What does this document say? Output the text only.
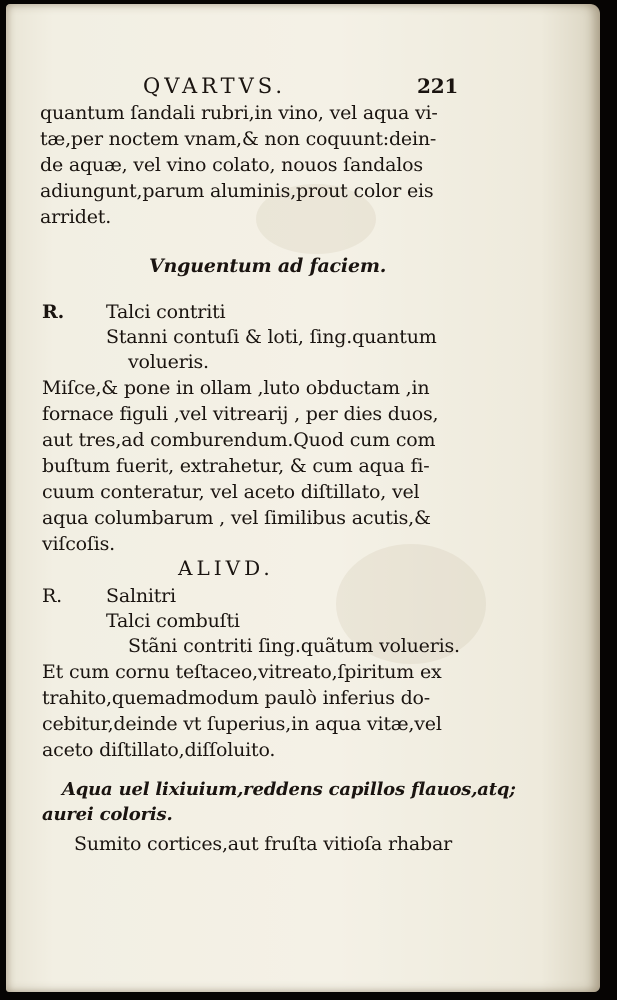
QVARTVS.	221
quantum ſandali rubri,in vino, vel aqua vi-
tæ,per noctem vnam,& non coquunt:dein-
de aquæ, vel vino colato, nouos ſandalos
adiungunt,parum aluminis,prout color eis
arridet.
Vnguentum ad faciem.
R. Talci contriti
Stanni contuſi & loti, ſing.quantum
volueris.
Miſce,& pone in ollam ,luto obductam ,in
fornace figuli ,vel vitrearij , per dies duos,
aut tres,ad comburendum.Quod cum com
buſtum fuerit, extrahetur, & cum aqua fi-
cuum conteratur, vel aceto diſtillato, vel
aqua columbarum , vel ſimilibus acutis,&
viſcoſis.
ALIVD.
R. Salnitri
Talci combuſti
Stãni contriti ſing.quãtum volueris.
Et cum cornu teſtaceo,vitreato,ſpiritum ex
trahito,quemadmodum paulò inferius do-
cebitur,deinde vt ſuperius,in aqua vitæ,vel
aceto diſtillato,diſſoluito.
Aqua uel lixiuium,reddens capillos flauos,atq;
aurei coloris.
Sumito cortices,aut fruſta vitioſa rhabar
